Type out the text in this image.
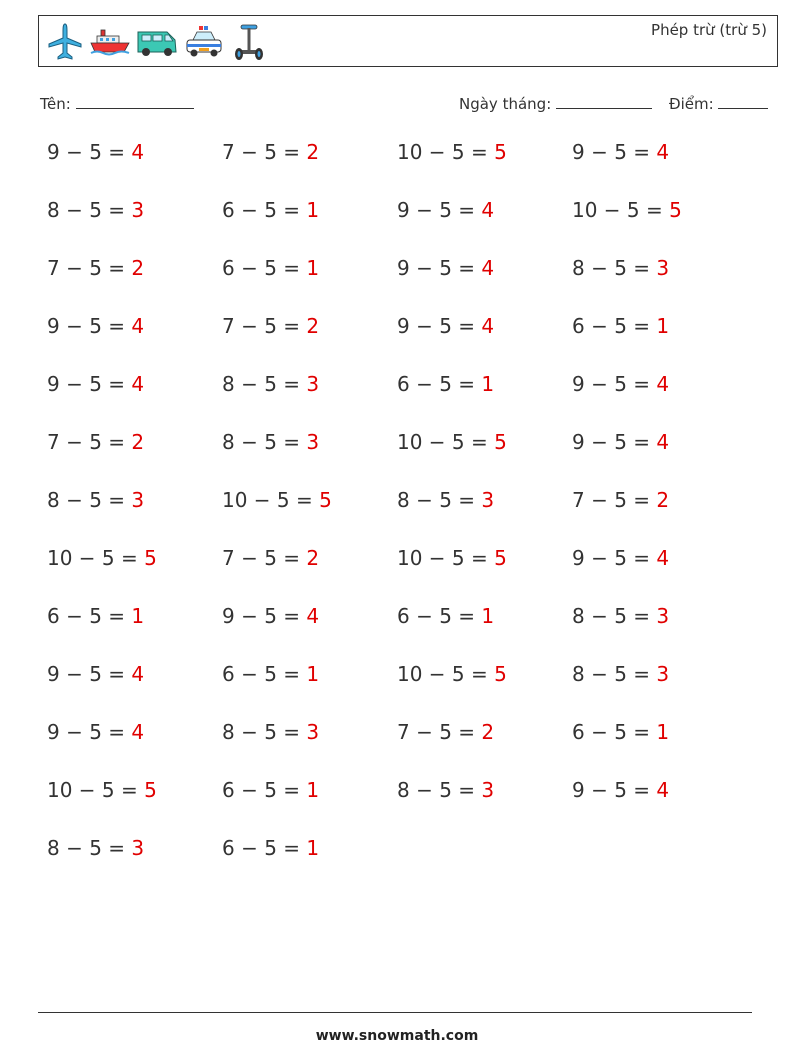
Phép trừ (trừ 5)
Tên:	Ngày tháng:	Điểm:
9 − 5 = 4	7 − 5 = 2	10 − 5 = 5	9 − 5 = 4
8 − 5 = 3	6 − 5 = 1	9 − 5 = 4	10 − 5 = 5
7 − 5 = 2	6 − 5 = 1	9 − 5 = 4	8 − 5 = 3
9 − 5 = 4	7 − 5 = 2	9 − 5 = 4	6 − 5 = 1
9 − 5 = 4	8 − 5 = 3	6 − 5 = 1	9 − 5 = 4
7 − 5 = 2	8 − 5 = 3	10 − 5 = 5	9 − 5 = 4
8 − 5 = 3	10 − 5 = 5	8 − 5 = 3	7 − 5 = 2
10 − 5 = 5	7 − 5 = 2	10 − 5 = 5	9 − 5 = 4
6 − 5 = 1	9 − 5 = 4	6 − 5 = 1	8 − 5 = 3
9 − 5 = 4	6 − 5 = 1	10 − 5 = 5	8 − 5 = 3
9 − 5 = 4	8 − 5 = 3	7 − 5 = 2	6 − 5 = 1
10 − 5 = 5	6 − 5 = 1	8 − 5 = 3	9 − 5 = 4
8 − 5 = 3	6 − 5 = 1
www.snowmath.com
